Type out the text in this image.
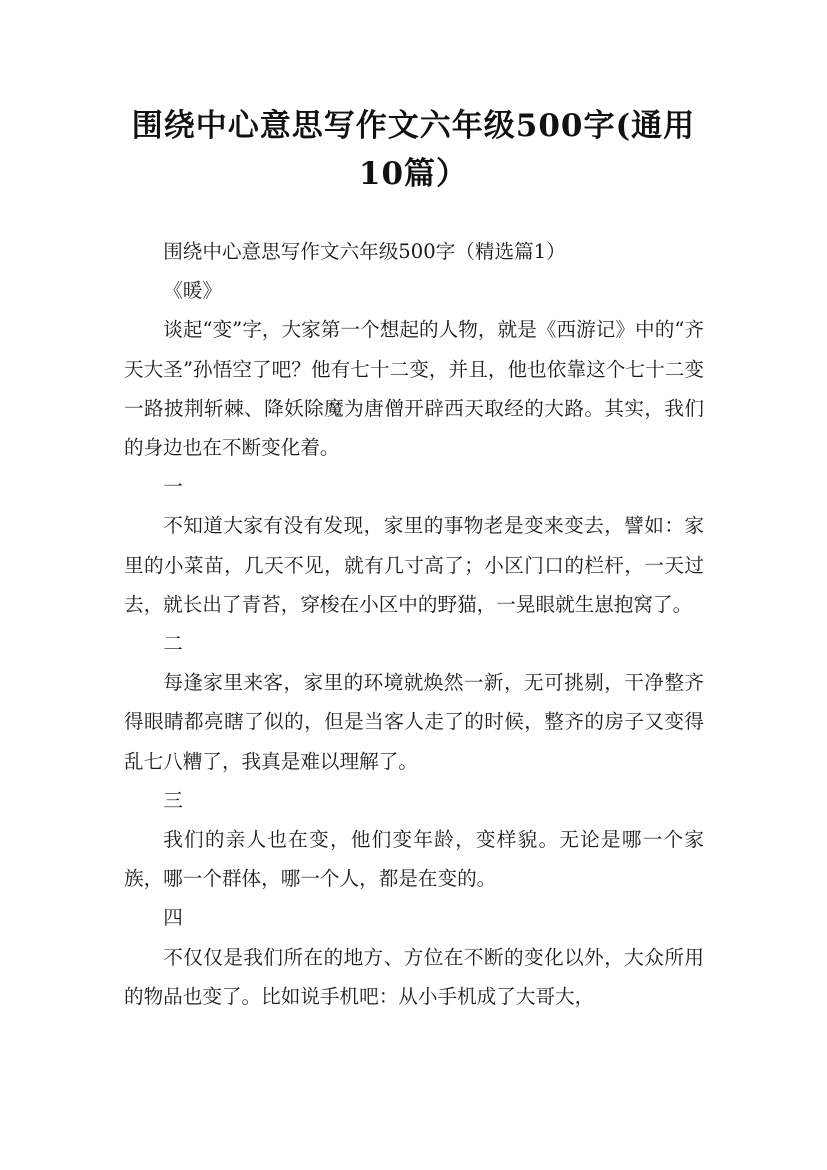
围绕中心意思写作文六年级500字(通用10篇）

围绕中心意思写作文六年级500字（精选篇1）

《暖》

谈起“变”字，大家第一个想起的人物，就是《西游记》中的“齐天大圣”孙悟空了吧？他有七十二变，并且，他也依靠这个七十二变一路披荆斩棘、降妖除魔为唐僧开辟西天取经的大路。其实，我们的身边也在不断变化着。

一

不知道大家有没有发现，家里的事物老是变来变去，譬如：家里的小菜苗，几天不见，就有几寸高了；小区门口的栏杆，一天过去，就长出了青苔，穿梭在小区中的野猫，一晃眼就生崽抱窝了。

二

每逢家里来客，家里的环境就焕然一新，无可挑剔，干净整齐得眼睛都亮瞎了似的，但是当客人走了的时候，整齐的房子又变得乱七八糟了，我真是难以理解了。

三

我们的亲人也在变，他们变年龄，变样貌。无论是哪一个家族，哪一个群体，哪一个人，都是在变的。

四

不仅仅是我们所在的地方、方位在不断的变化以外，大众所用的物品也变了。比如说手机吧：从小手机成了大哥大，
